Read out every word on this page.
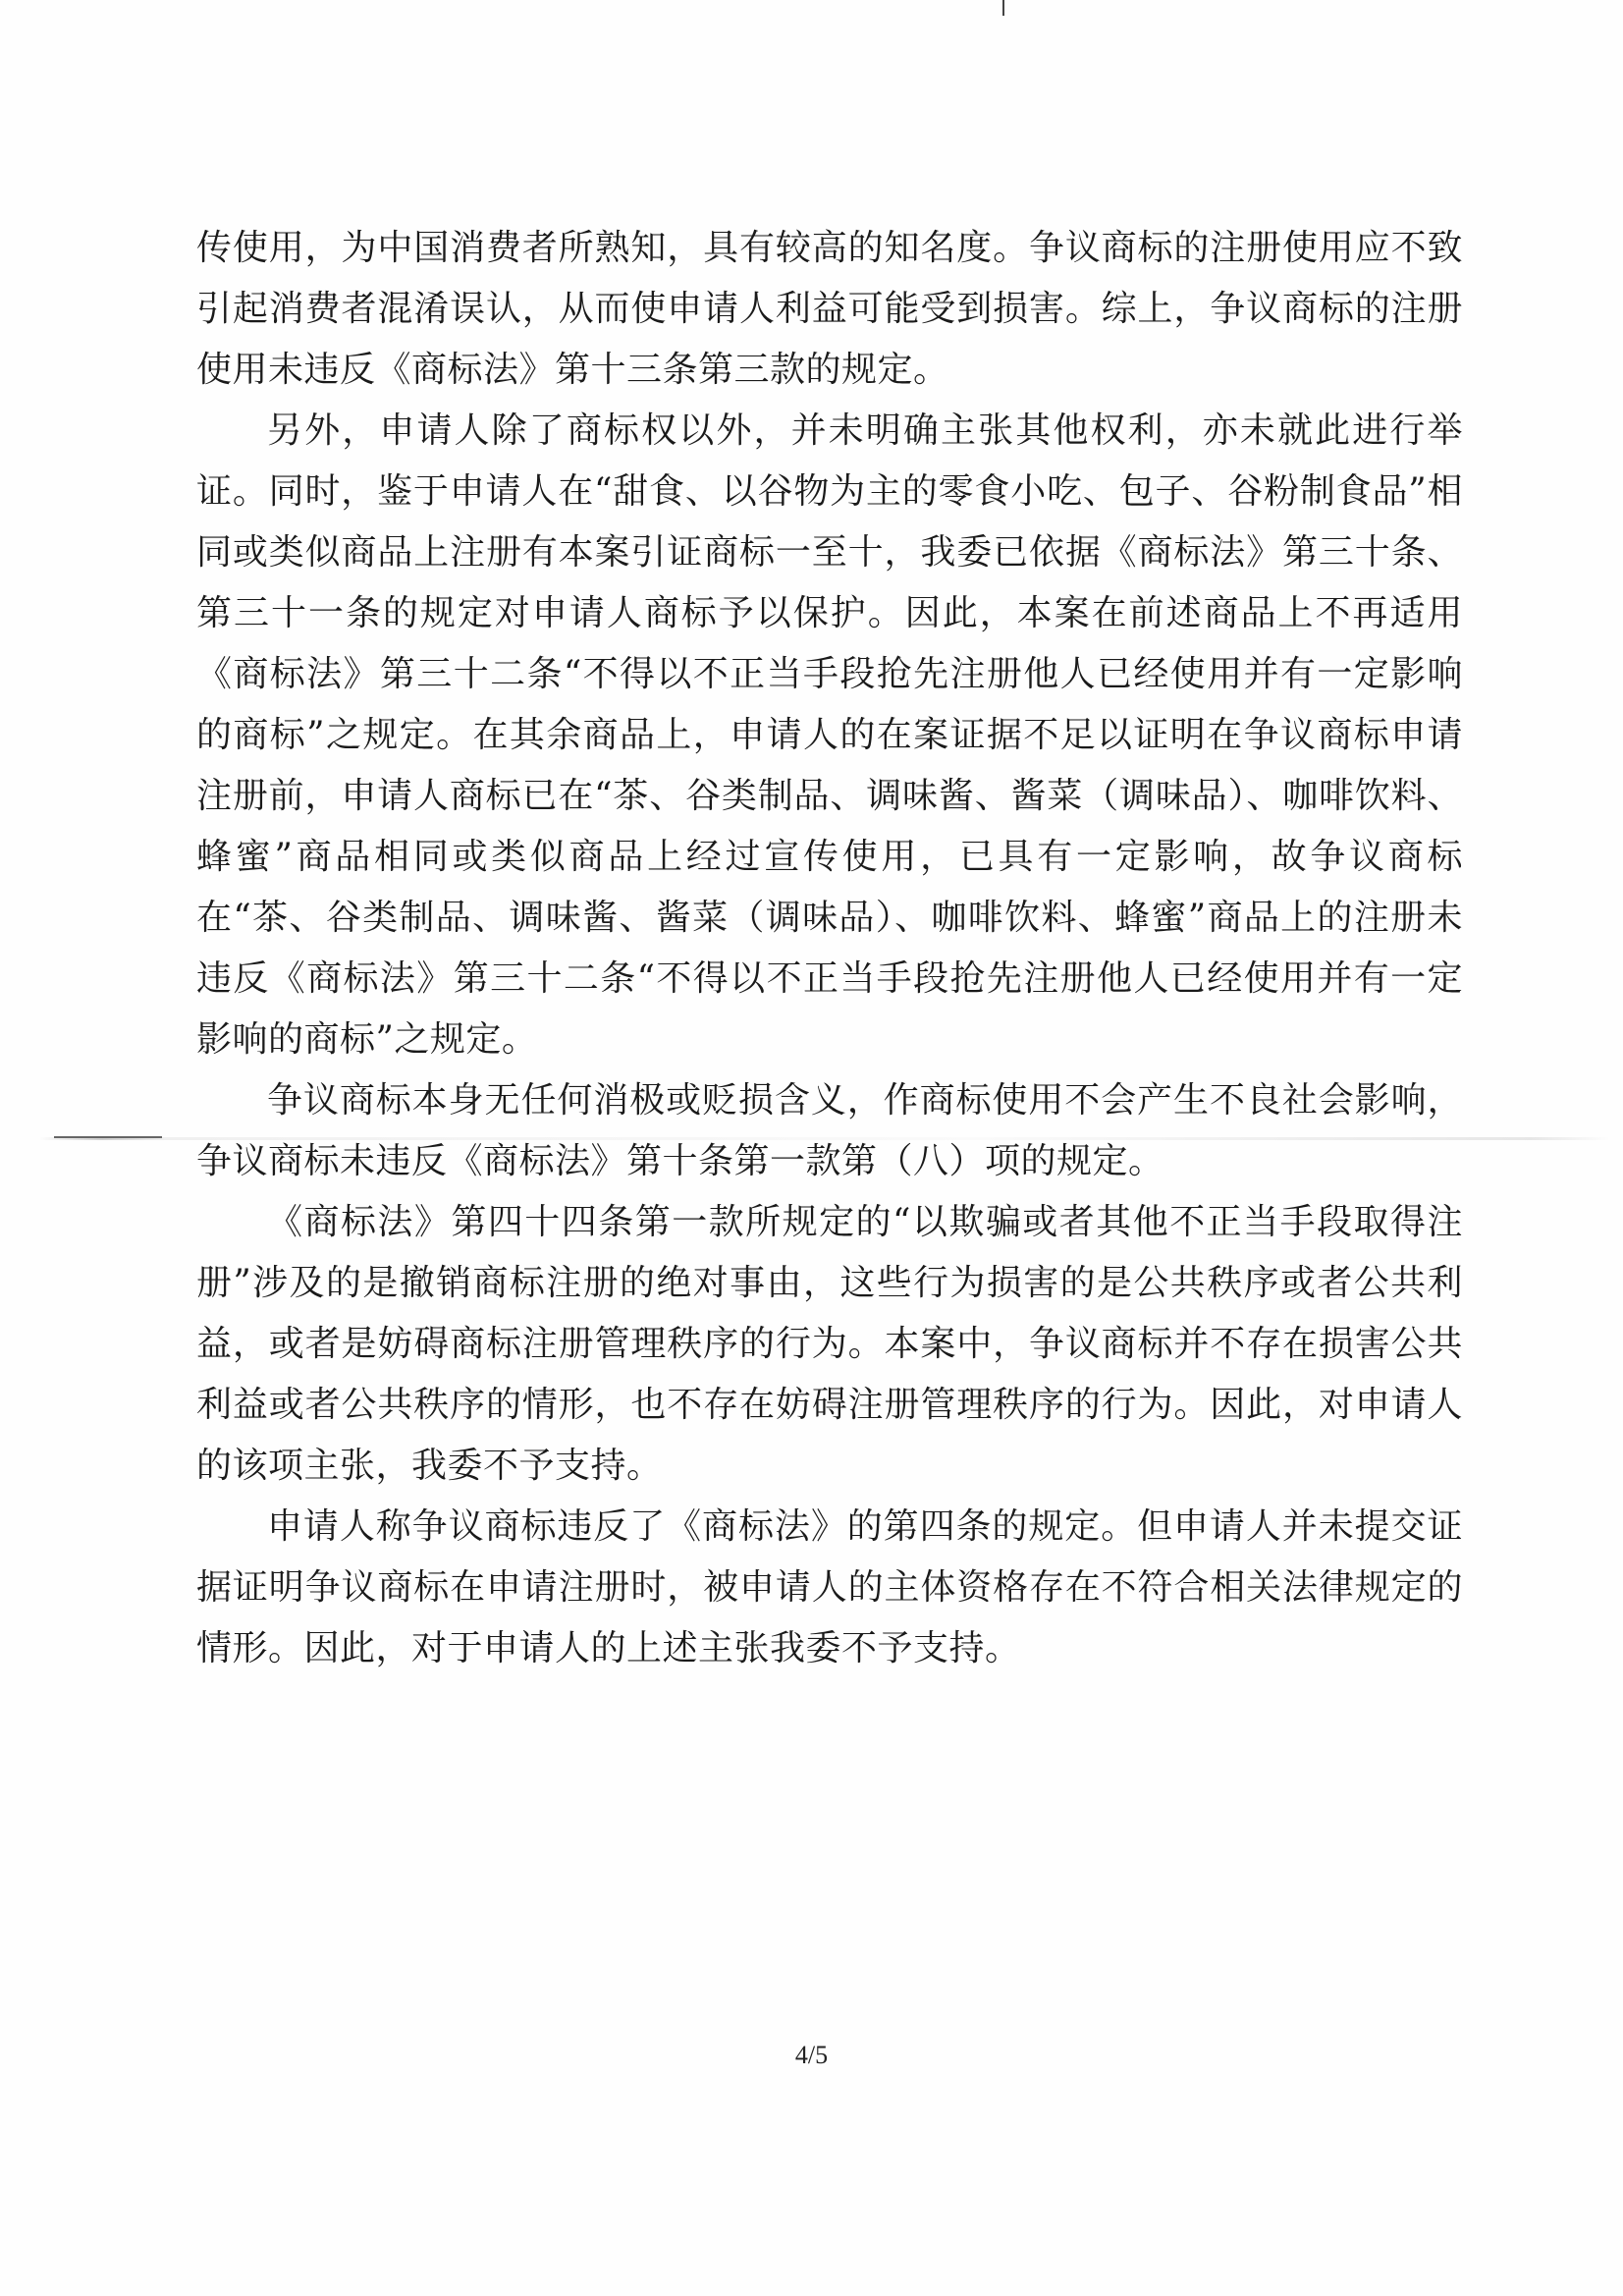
传使用，为中国消费者所熟知，具有较高的知名度。争议商标的注册使用应不致引起消费者混淆误认，从而使申请人利益可能受到损害。综上，争议商标的注册使用未违反《商标法》第十三条第三款的规定。

另外，申请人除了商标权以外，并未明确主张其他权利，亦未就此进行举证。同时，鉴于申请人在“甜食、以谷物为主的零食小吃、包子、谷粉制食品”相同或类似商品上注册有本案引证商标一至十，我委已依据《商标法》第三十条、第三十一条的规定对申请人商标予以保护。因此，本案在前述商品上不再适用《商标法》第三十二条“不得以不正当手段抢先注册他人已经使用并有一定影响的商标”之规定。在其余商品上，申请人的在案证据不足以证明在争议商标申请注册前，申请人商标已在“茶、谷类制品、调味酱、酱菜（调味品）、咖啡饮料、蜂蜜”商品相同或类似商品上经过宣传使用，已具有一定影响，故争议商标在“茶、谷类制品、调味酱、酱菜（调味品）、咖啡饮料、蜂蜜”商品上的注册未违反《商标法》第三十二条“不得以不正当手段抢先注册他人已经使用并有一定影响的商标”之规定。

争议商标本身无任何消极或贬损含义，作商标使用不会产生不良社会影响，争议商标未违反《商标法》第十条第一款第（八）项的规定。

《商标法》第四十四条第一款所规定的“以欺骗或者其他不正当手段取得注册”涉及的是撤销商标注册的绝对事由，这些行为损害的是公共秩序或者公共利益，或者是妨碍商标注册管理秩序的行为。本案中，争议商标并不存在损害公共利益或者公共秩序的情形，也不存在妨碍注册管理秩序的行为。因此，对申请人的该项主张，我委不予支持。

申请人称争议商标违反了《商标法》的第四条的规定。但申请人并未提交证据证明争议商标在申请注册时，被申请人的主体资格存在不符合相关法律规定的情形。因此，对于申请人的上述主张我委不予支持。

4/5
